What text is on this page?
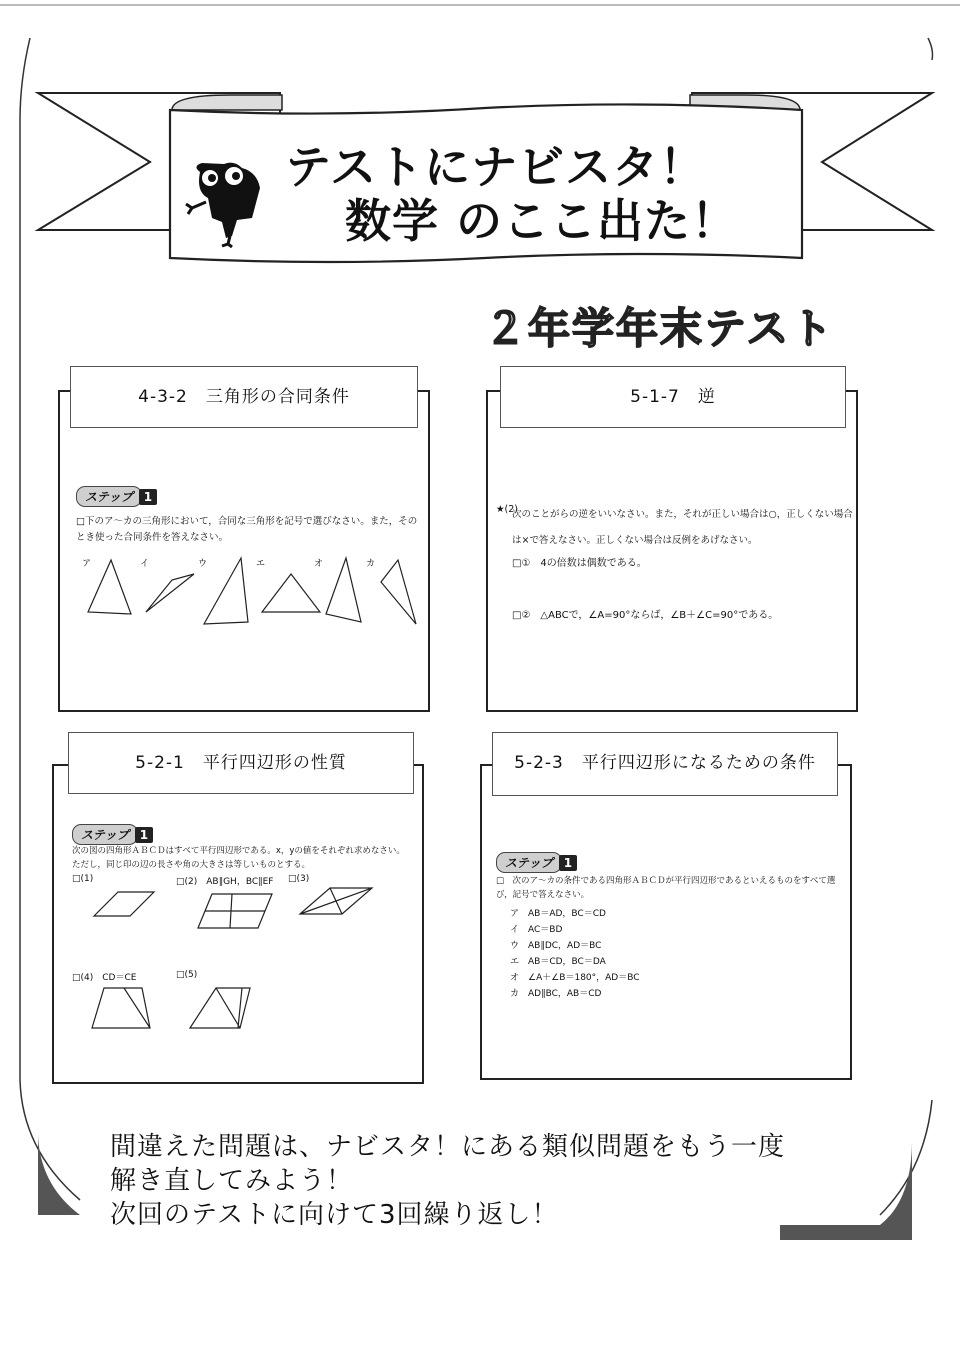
テストにナビスタ！
数学 のここ出た！
２年学年末テスト
4-3-2　三角形の合同条件
ステップ 1
□下のア～カの三角形において，合同な三角形を記号で選びなさい。また，そのとき使った合同条件を答えなさい。
ア	イ	ウ	エ	オ	カ
5-1-7　逆
★(2)
次のことがらの逆をいいなさい。また，それが正しい場合は○，正しくない場合は×で答えなさい。正しくない場合は反例をあげなさい。
□①　4の倍数は偶数である。
□②　△ABCで，∠A=90°ならば，∠B＋∠C=90°である。
5-2-1　平行四辺形の性質
ステップ 1
次の図の四角形ＡＢＣＤはすべて平行四辺形である。x，yの値をそれぞれ求めなさい。ただし，同じ印の辺の長さや角の大きさは等しいものとする。
□(1)	□(2)　AB∥GH，BC∥EF □(3)
□(4)　CD＝CE	□(5)
5-2-3　平行四辺形になるための条件
ステップ 1
□　次のア～カの条件である四角形ＡＢＣＤが平行四辺形であるといえるものをすべて選び，記号で答えなさい。
ア　AB＝AD，BC＝CD
イ　AC＝BD
ウ　AB∥DC，AD＝BC
エ　AB＝CD，BC＝DA
オ　∠A＋∠B＝180°，AD＝BC
カ　AD∥BC，AB＝CD
間違えた問題は、ナビスタ！にある類似問題をもう一度
解き直してみよう！
次回のテストに向けて3回繰り返し！
